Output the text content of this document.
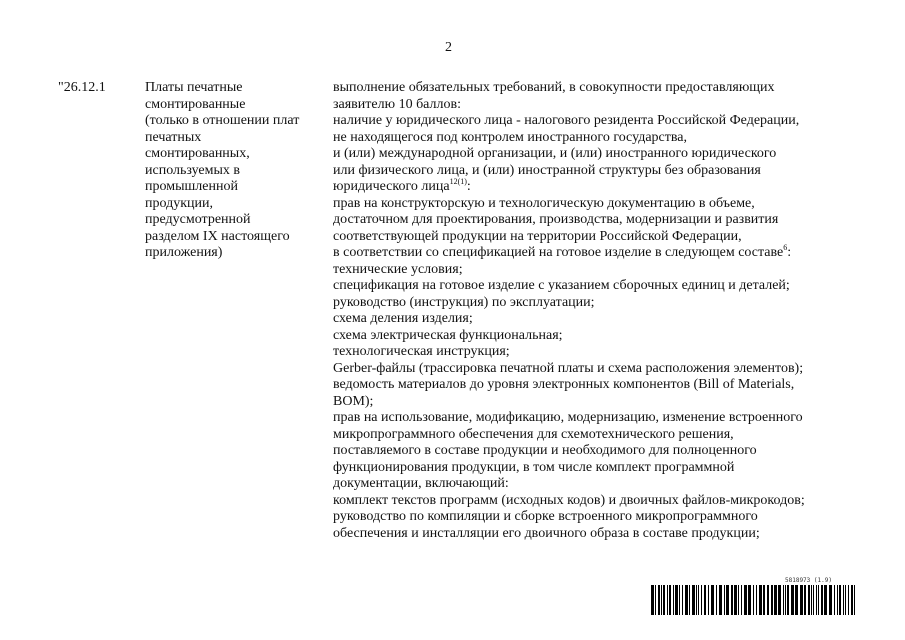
2
"26.12.1	Платы печатные
смонтированные
(только в отношении плат
печатных
смонтированных,
используемых в
промышленной
продукции,
предусмотренной
разделом IX настоящего
приложения)
выполнение обязательных требований, в совокупности предоставляющих
заявителю 10 баллов:
наличие у юридического лица - налогового резидента Российской Федерации,
не находящегося под контролем иностранного государства,
и (или) международной организации, и (или) иностранного юридического
или физического лица, и (или) иностранной структуры без образования
юридического лица$^{12(1)}$:
прав на конструкторскую и технологическую документацию в объеме,
достаточном для проектирования, производства, модернизации и развития
соответствующей продукции на территории Российской Федерации,
в соответствии со спецификацией на готовое изделие в следующем составе$^6$:
технические условия;
спецификация на готовое изделие с указанием сборочных единиц и деталей;
руководство (инструкция) по эксплуатации;
схема деления изделия;
схема электрическая функциональная;
технологическая инструкция;
Gerber-файлы (трассировка печатной платы и схема расположения элементов);
ведомость материалов до уровня электронных компонентов (Bill of Materials,
BOM);
прав на использование, модификацию, модернизацию, изменение встроенного
микропрограммного обеспечения для схемотехнического решения,
поставляемого в составе продукции и необходимого для полноценного
функционирования продукции, в том числе комплект программной
документации, включающий:
комплект текстов программ (исходных кодов) и двоичных файлов-микрокодов;
руководство по компиляции и сборке встроенного микропрограммного
обеспечения и инсталляции его двоичного образа в составе продукции;
5818973 (1.9)
